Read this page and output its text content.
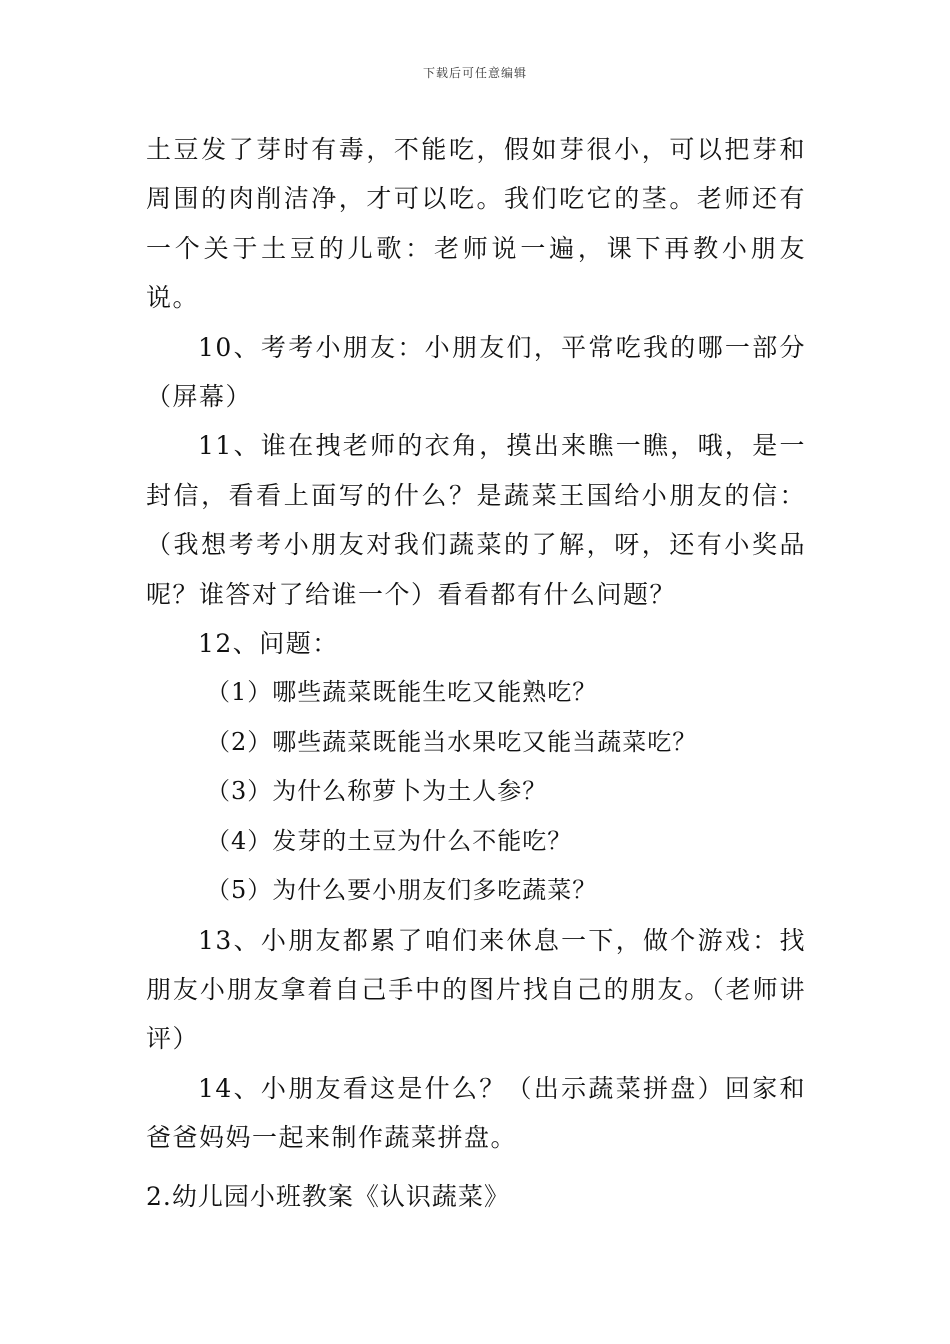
下载后可任意编辑

土豆发了芽时有毒，不能吃，假如芽很小，可以把芽和周围的肉削洁净，才可以吃。我们吃它的茎。老师还有一个关于土豆的儿歌：老师说一遍，课下再教小朋友说。

10、考考小朋友：小朋友们，平常吃我的哪一部分（屏幕）

11、谁在拽老师的衣角，摸出来瞧一瞧，哦，是一封信，看看上面写的什么？是蔬菜王国给小朋友的信：（我想考考小朋友对我们蔬菜的了解，呀，还有小奖品呢？谁答对了给谁一个）看看都有什么问题？

12、问题：

（1）哪些蔬菜既能生吃又能熟吃？

（2）哪些蔬菜既能当水果吃又能当蔬菜吃？

（3）为什么称萝卜为土人参？

（4）发芽的土豆为什么不能吃？

（5）为什么要小朋友们多吃蔬菜？

13、小朋友都累了咱们来休息一下，做个游戏：找朋友小朋友拿着自己手中的图片找自己的朋友。（老师讲评）

14、小朋友看这是什么？（出示蔬菜拼盘）回家和爸爸妈妈一起来制作蔬菜拼盘。

2.幼儿园小班教案《认识蔬菜》
